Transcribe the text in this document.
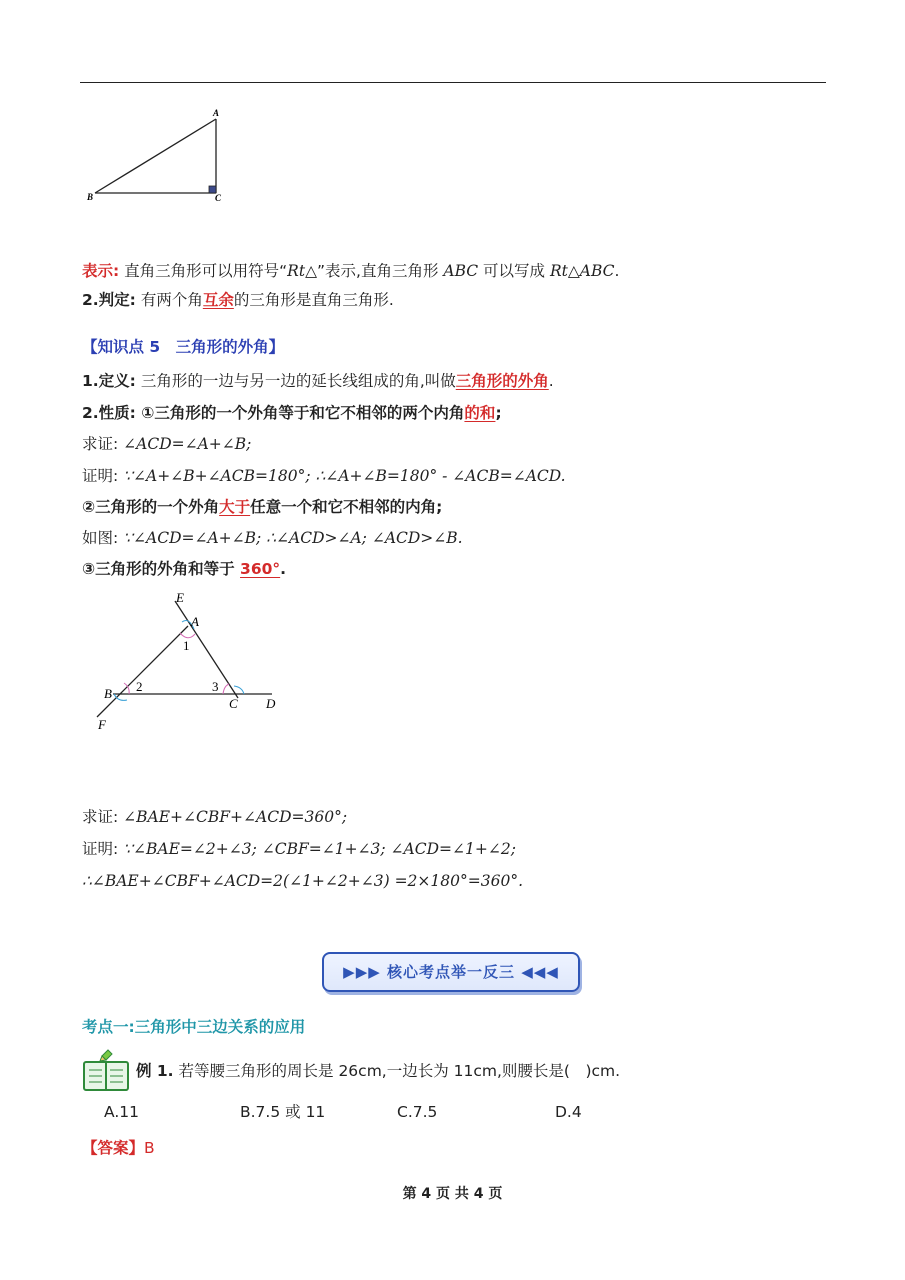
A
B	C
表示: 直角三角形可以用符号“Rt△”表示,直角三角形 ABC 可以写成 Rt△ABC.
2.判定: 有两个角互余的三角形是直角三角形.
【知识点 5　三角形的外角】
1.定义: 三角形的一边与另一边的延长线组成的角,叫做三角形的外角.
2.性质: ①三角形的一个外角等于和它不相邻的两个内角的和;
求证: ∠ACD=∠A+∠B;
证明: ∵∠A+∠B+∠ACB=180°; ∴∠A+∠B=180° - ∠ACB=∠ACD.
②三角形的一个外角大于任意一个和它不相邻的内角;
如图: ∵∠ACD=∠A+∠B; ∴∠ACD>∠A; ∠ACD>∠B.
③三角形的外角和等于 360°.
E
A
1
B 2	3
C D
F
求证: ∠BAE+∠CBF+∠ACD=360°;
证明: ∵∠BAE=∠2+∠3; ∠CBF=∠1+∠3; ∠ACD=∠1+∠2;
∴∠BAE+∠CBF+∠ACD=2(∠1+∠2+∠3) =2×180°=360°.
▶▶▶ 核心考点举一反三 ◀◀◀
考点一:三角形中三边关系的应用
例 1. 若等腰三角形的周长是 26cm,一边长为 11cm,则腰长是(　)cm.
A.11	B.7.5 或 11	C.7.5	D.4
【答案】B
第 4 页 共 4 页
